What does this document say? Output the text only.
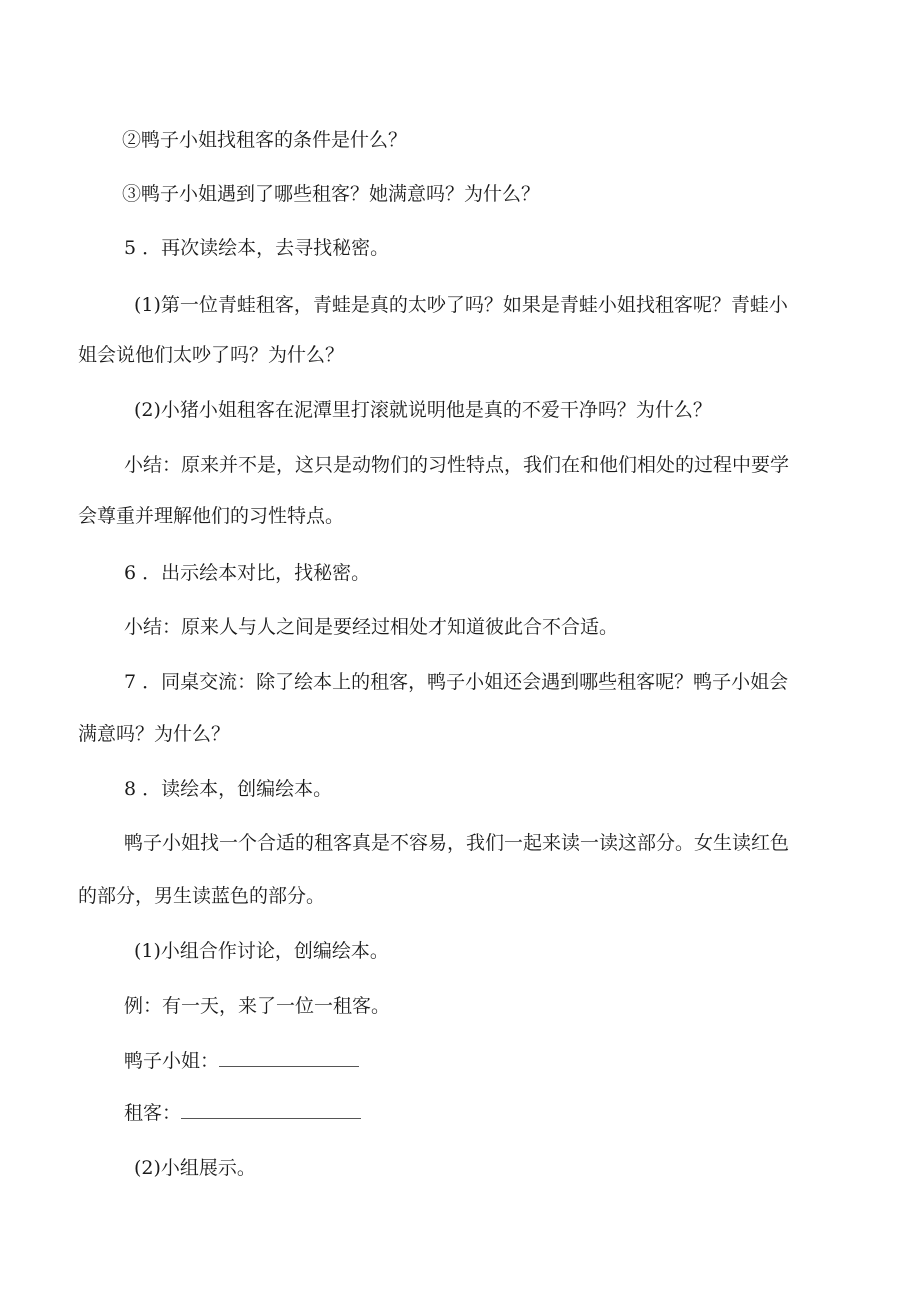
②鸭子小姐找租客的条件是什么？
③鸭子小姐遇到了哪些租客？她满意吗？为什么？
5 ．再次读绘本，去寻找秘密。
(1)第一位青蛙租客，青蛙是真的太吵了吗？如果是青蛙小姐找租客呢？青蛙小
姐会说他们太吵了吗？为什么？
(2)小猪小姐租客在泥潭里打滚就说明他是真的不爱干净吗？为什么？
小结：原来并不是，这只是动物们的习性特点，我们在和他们相处的过程中要学
会尊重并理解他们的习性特点。
6 ．出示绘本对比，找秘密。
小结：原来人与人之间是要经过相处才知道彼此合不合适。
7 ．同桌交流：除了绘本上的租客，鸭子小姐还会遇到哪些租客呢？鸭子小姐会
满意吗？为什么？
8 ．读绘本，创编绘本。
鸭子小姐找一个合适的租客真是不容易，我们一起来读一读这部分。女生读红色
的部分，男生读蓝色的部分。
(1)小组合作讨论，创编绘本。
例：有一天，来了一位一租客。
鸭子小姐：
租客：
(2)小组展示。
